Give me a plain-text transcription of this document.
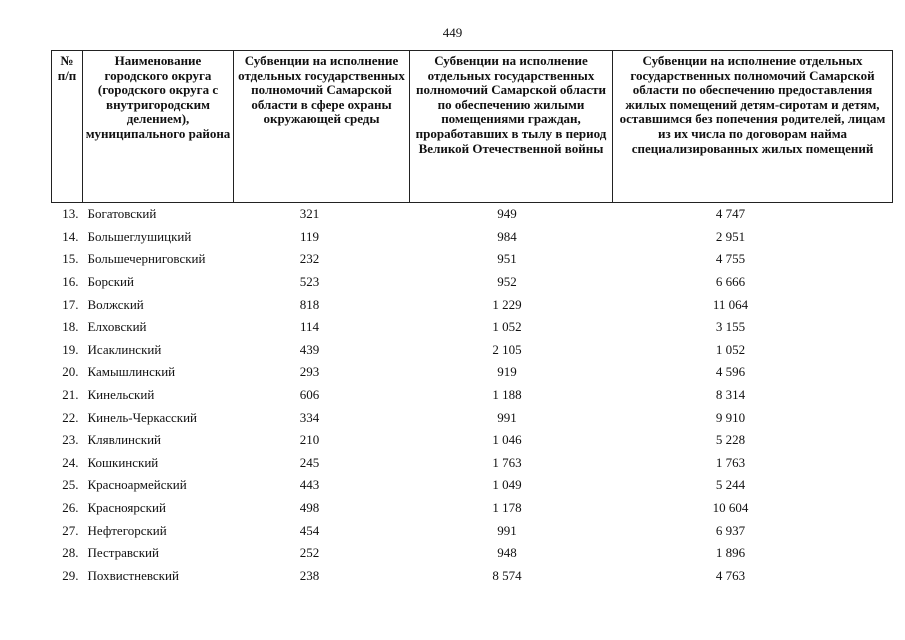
449
№ п/п	Наименование городского округа (городского округа с внутригородским делением), муниципального района	Субвенции на исполнение отдельных государственных полномочий Самарской области в сфере охраны окружающей среды	Субвенции на исполнение отдельных государственных полномочий Самарской области по обеспечению жилыми помещениями граждан, проработавших в тылу в период Великой Отечественной войны	Субвенции на исполнение отдельных государственных полномочий Самарской области по обеспечению предоставления жилых помещений детям-сиротам и детям, оставшимся без попечения родителей, лицам из их числа по договорам найма специализированных жилых помещений
13.	Богатовский	321	949	4 747
14.	Большеглушицкий	119	984	2 951
15.	Большечерниговский	232	951	4 755
16.	Борский	523	952	6 666
17.	Волжский	818	1 229	11 064
18.	Елховский	114	1 052	3 155
19.	Исаклинский	439	2 105	1 052
20.	Камышлинский	293	919	4 596
21.	Кинельский	606	1 188	8 314
22.	Кинель-Черкасский	334	991	9 910
23.	Клявлинский	210	1 046	5 228
24.	Кошкинский	245	1 763	1 763
25.	Красноармейский	443	1 049	5 244
26.	Красноярский	498	1 178	10 604
27.	Нефтегорский	454	991	6 937
28.	Пестравский	252	948	1 896
29.	Похвистневский	238	8 574	4 763
